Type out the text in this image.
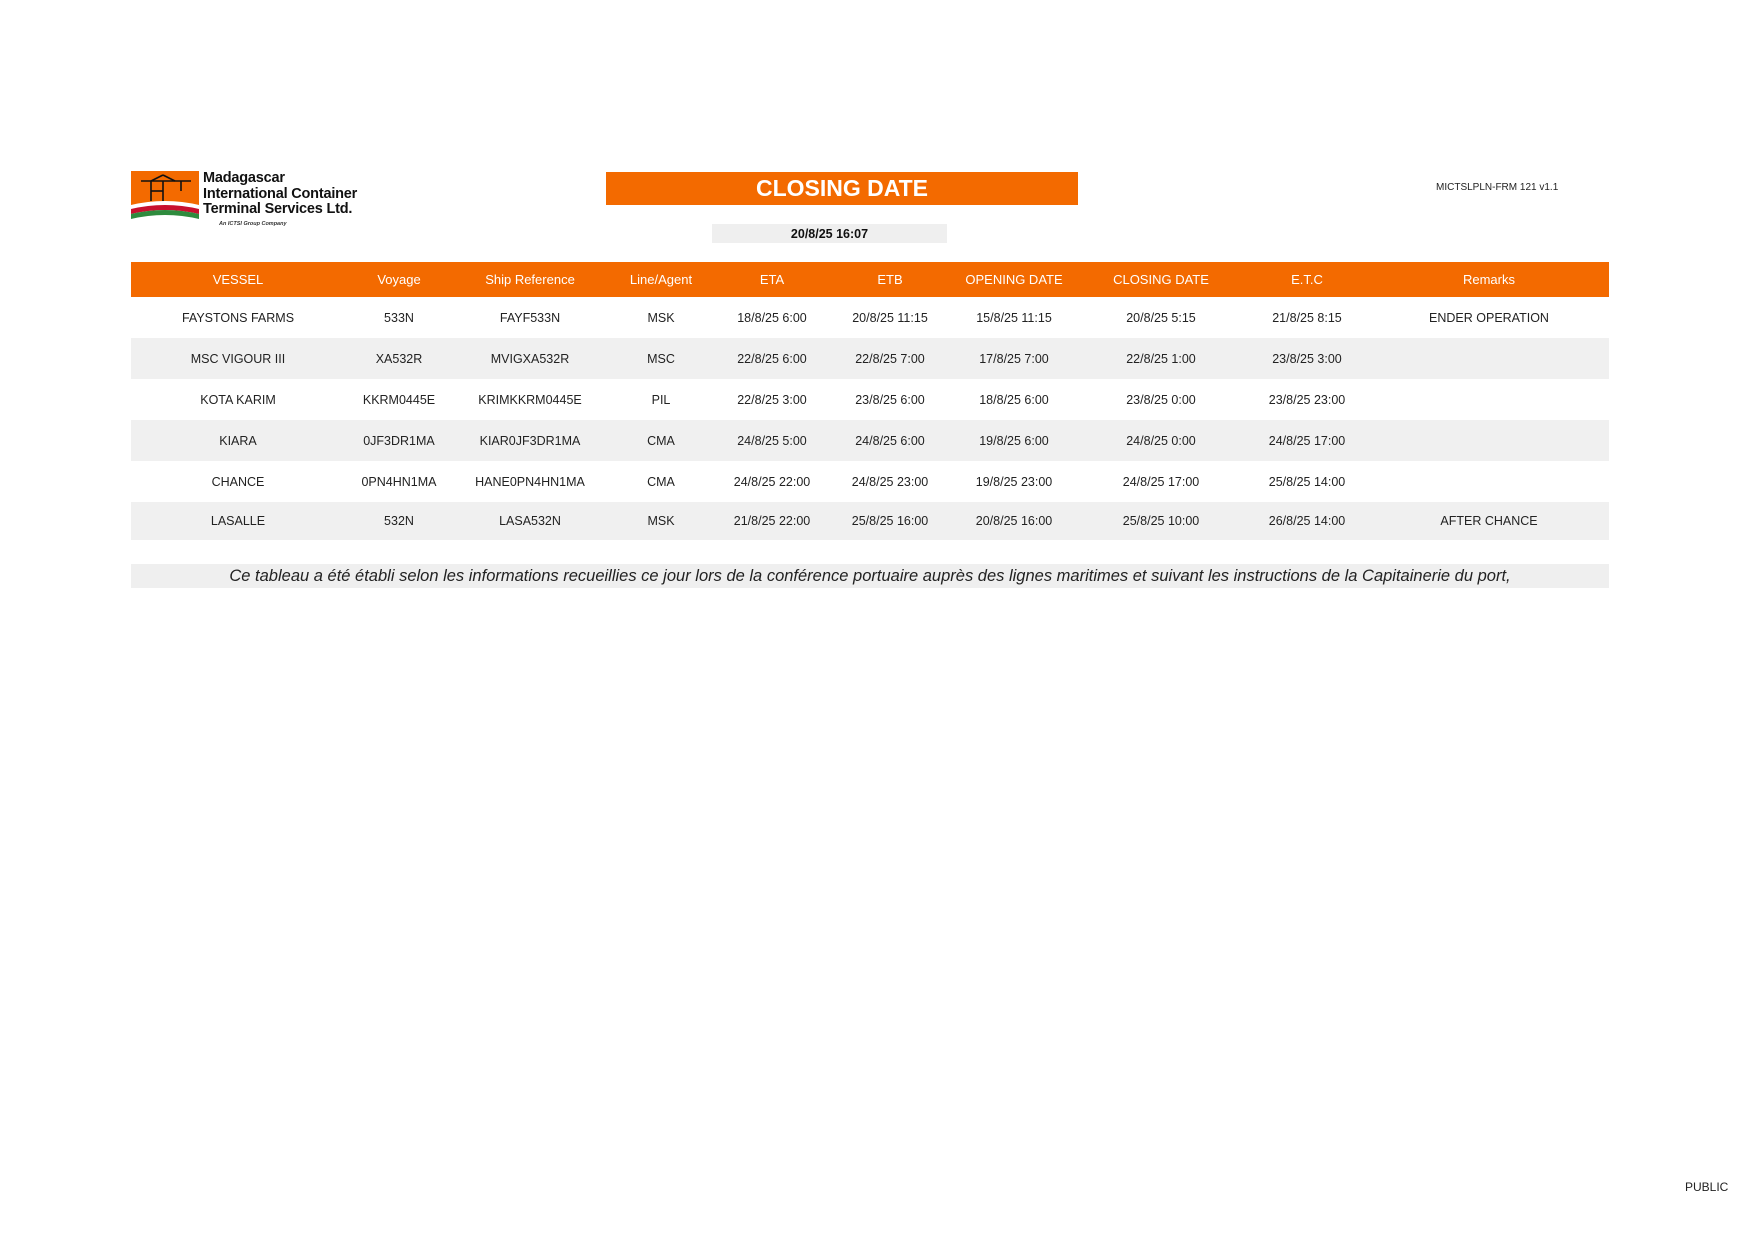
Madagascar
International Container
Terminal Services Ltd.
An ICTSI Group Company
CLOSING DATE	MICTSLPLN-FRM 121 v1.1
20/8/25 16:07
VESSEL	Voyage	Ship Reference	Line/Agent	ETA	ETB	OPENING DATE	CLOSING DATE	E.T.C	Remarks
FAYSTONS FARMS	533N	FAYF533N	MSK	18/8/25 6:00	20/8/25 11:15	15/8/25 11:15	20/8/25 5:15	21/8/25 8:15	ENDER OPERATION
MSC VIGOUR III	XA532R	MVIGXA532R	MSC	22/8/25 6:00	22/8/25 7:00	17/8/25 7:00	22/8/25 1:00	23/8/25 3:00
KOTA KARIM	KKRM0445E	KRIMKKRM0445E	PIL	22/8/25 3:00	23/8/25 6:00	18/8/25 6:00	23/8/25 0:00	23/8/25 23:00
KIARA	0JF3DR1MA	KIAR0JF3DR1MA	CMA	24/8/25 5:00	24/8/25 6:00	19/8/25 6:00	24/8/25 0:00	24/8/25 17:00
CHANCE	0PN4HN1MA	HANE0PN4HN1MA	CMA	24/8/25 22:00	24/8/25 23:00	19/8/25 23:00	24/8/25 17:00	25/8/25 14:00
LASALLE	532N	LASA532N	MSK	21/8/25 22:00	25/8/25 16:00	20/8/25 16:00	25/8/25 10:00	26/8/25 14:00	AFTER CHANCE
Ce tableau a été établi selon les informations recueillies ce jour lors de la conférence portuaire auprès des lignes maritimes et suivant les instructions de la Capitainerie du port,
PUBLIC
